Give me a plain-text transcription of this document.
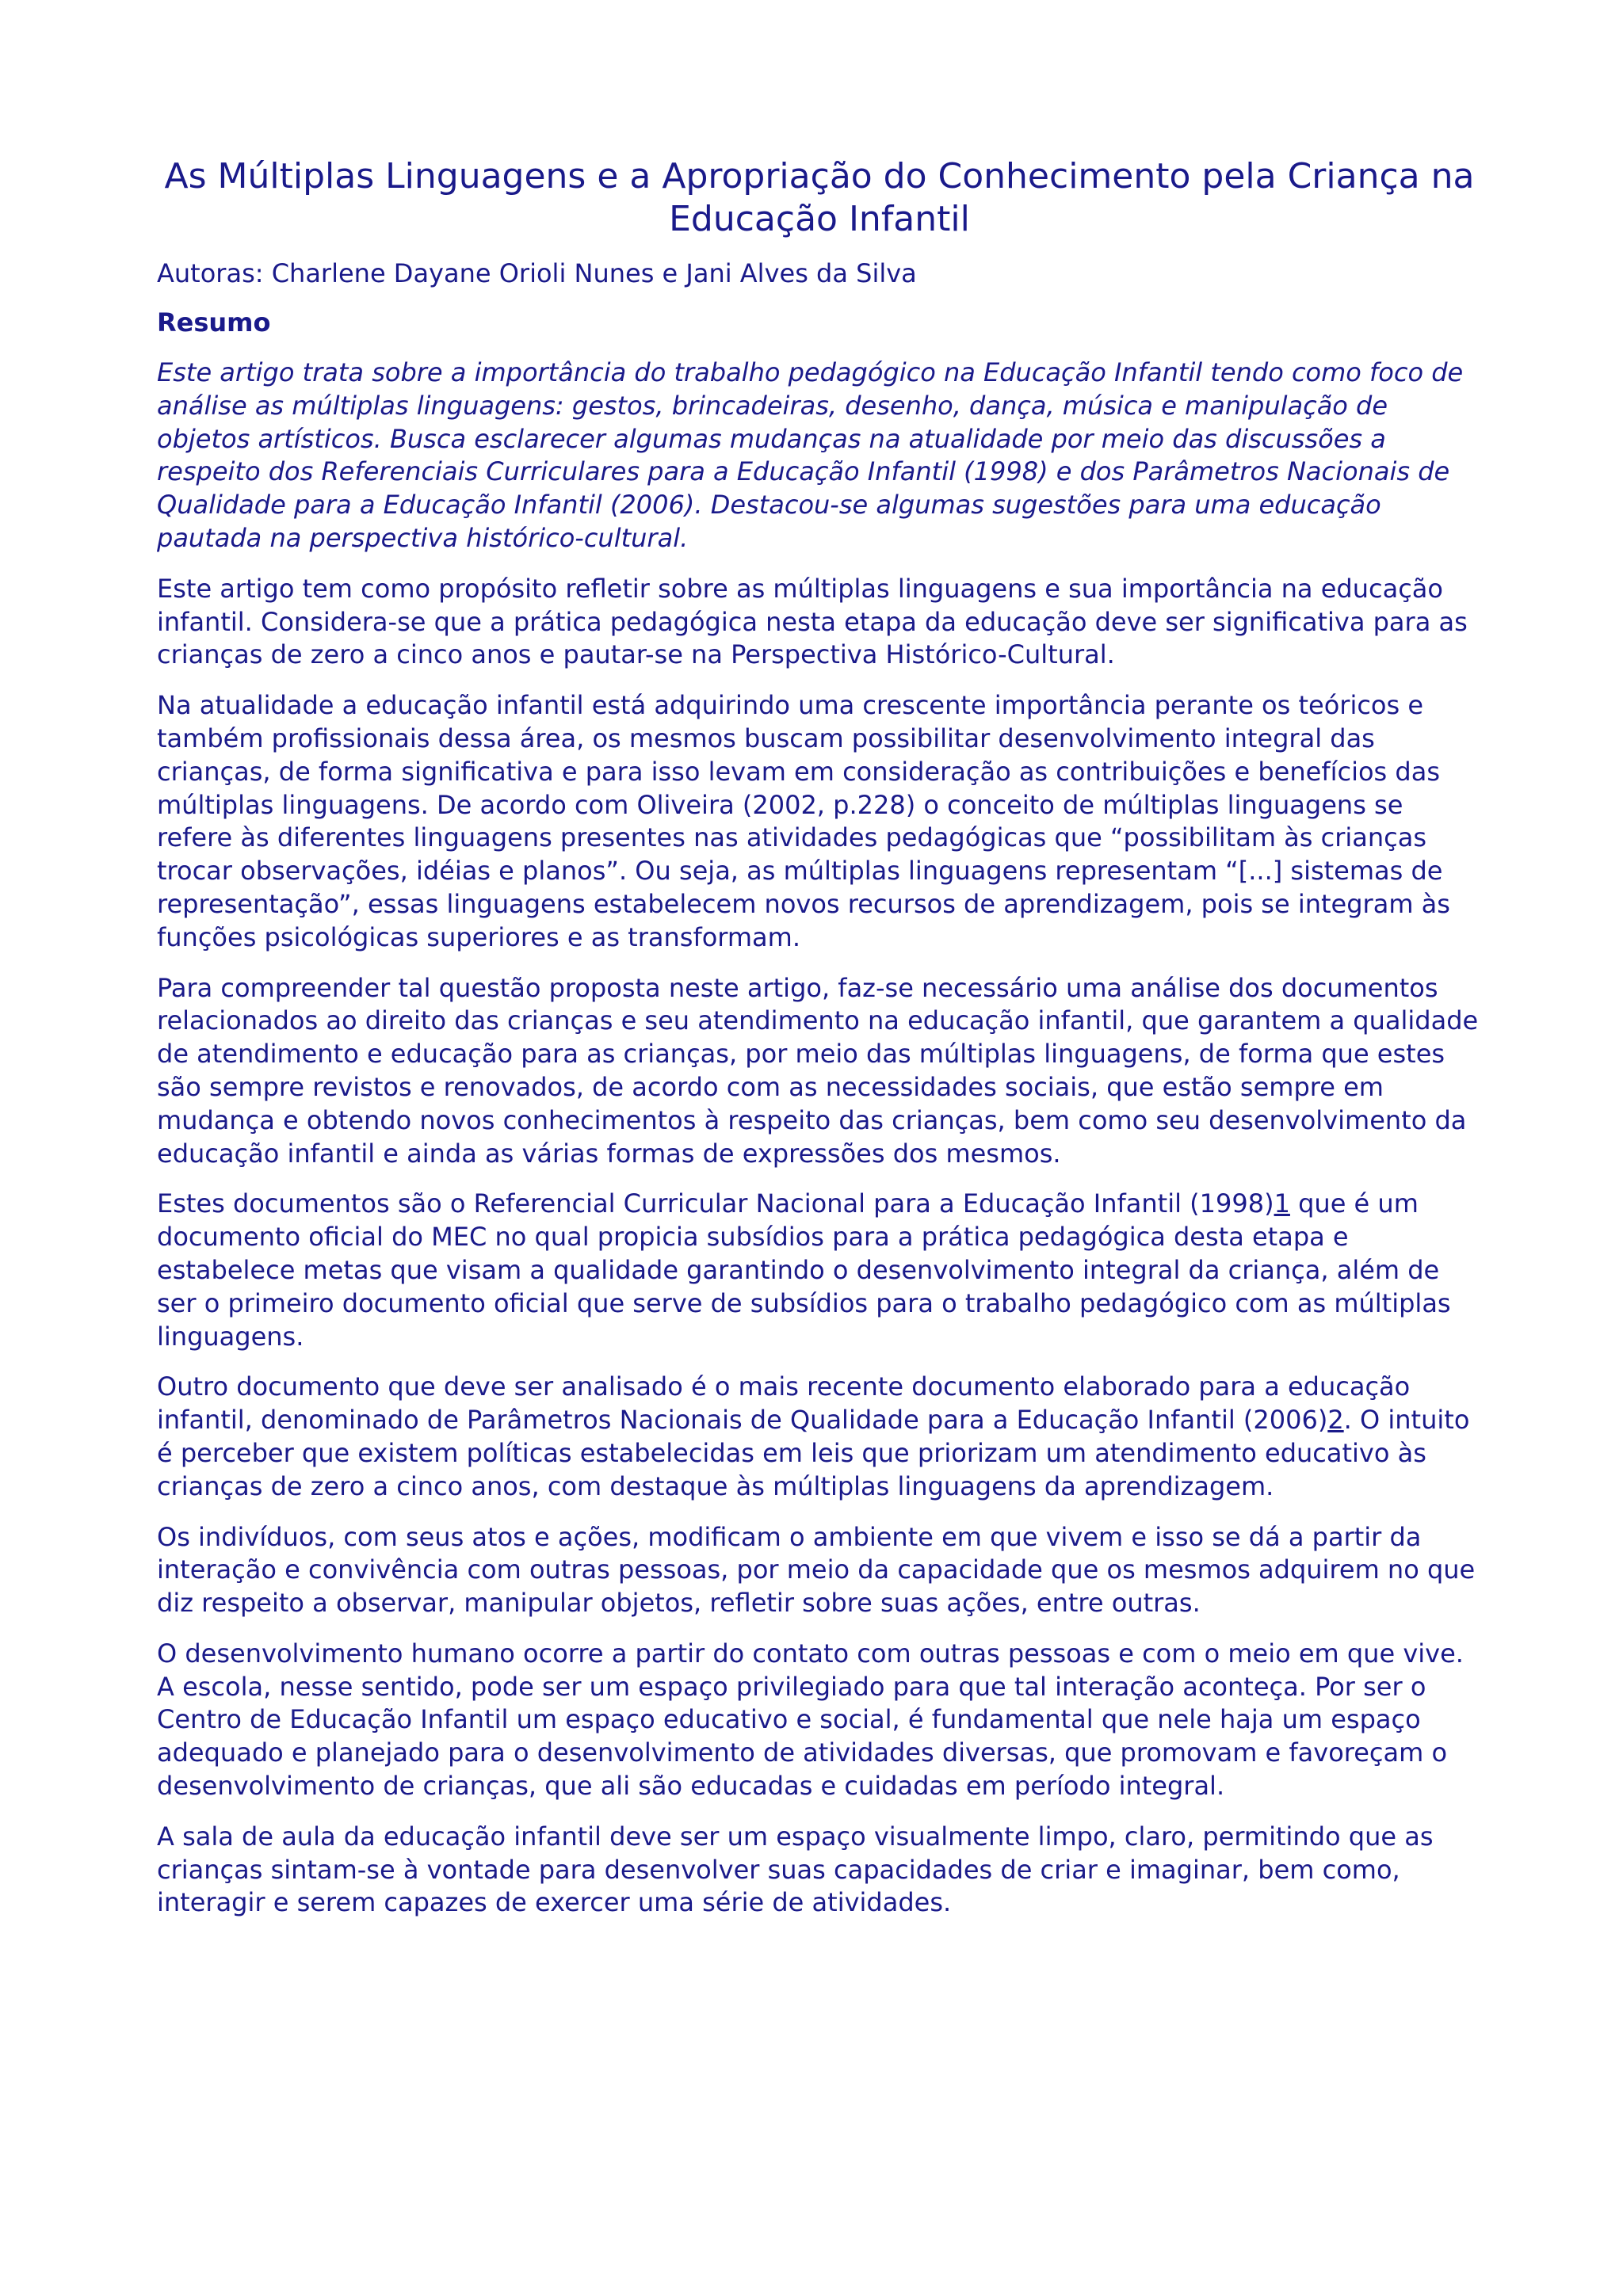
As Múltiplas Linguagens e a Apropriação do Conhecimento pela Criança na Educação Infantil
Autoras: Charlene Dayane Orioli Nunes e Jani Alves da Silva
Resumo

Este artigo trata sobre a importância do trabalho pedagógico na Educação Infantil tendo como foco de análise as múltiplas linguagens: gestos, brincadeiras, desenho, dança, música e manipulação de objetos artísticos. Busca esclarecer algumas mudanças na atualidade por meio das discussões a respeito dos Referenciais Curriculares para a Educação Infantil (1998) e dos Parâmetros Nacionais de Qualidade para a Educação Infantil (2006). Destacou-se algumas sugestões para uma educação pautada na perspectiva histórico-cultural.

Este artigo tem como propósito refletir sobre as múltiplas linguagens e sua importância na educação infantil. Considera-se que a prática pedagógica nesta etapa da educação deve ser significativa para as crianças de zero a cinco anos e pautar-se na Perspectiva Histórico-Cultural.

Na atualidade a educação infantil está adquirindo uma crescente importância perante os teóricos e também profissionais dessa área, os mesmos buscam possibilitar desenvolvimento integral das crianças, de forma significativa e para isso levam em consideração as contribuições e benefícios das múltiplas linguagens. De acordo com Oliveira (2002, p.228) o conceito de múltiplas linguagens se refere às diferentes linguagens presentes nas atividades pedagógicas que “possibilitam às crianças trocar observações, idéias e planos”. Ou seja, as múltiplas linguagens representam “[...] sistemas de representação”, essas linguagens estabelecem novos recursos de aprendizagem, pois se integram às funções psicológicas superiores e as transformam.

Para compreender tal questão proposta neste artigo, faz-se necessário uma análise dos documentos relacionados ao direito das crianças e seu atendimento na educação infantil, que garantem a qualidade de atendimento e educação para as crianças, por meio das múltiplas linguagens, de forma que estes são sempre revistos e renovados, de acordo com as necessidades sociais, que estão sempre em mudança e obtendo novos conhecimentos à respeito das crianças, bem como seu desenvolvimento da educação infantil e ainda as várias formas de expressões dos mesmos.

Estes documentos são o Referencial Curricular Nacional para a Educação Infantil (1998)1 que é um documento oficial do MEC no qual propicia subsídios para a prática pedagógica desta etapa e estabelece metas que visam a qualidade garantindo o desenvolvimento integral da criança, além de ser o primeiro documento oficial que serve de subsídios para o trabalho pedagógico com as múltiplas linguagens.

Outro documento que deve ser analisado é o mais recente documento elaborado para a educação infantil, denominado de Parâmetros Nacionais de Qualidade para a Educação Infantil (2006)2. O intuito é perceber que existem políticas estabelecidas em leis que priorizam um atendimento educativo às crianças de zero a cinco anos, com destaque às múltiplas linguagens da aprendizagem.

Os indivíduos, com seus atos e ações, modificam o ambiente em que vivem e isso se dá a partir da interação e convivência com outras pessoas, por meio da capacidade que os mesmos adquirem no que diz respeito a observar, manipular objetos, refletir sobre suas ações, entre outras.

O desenvolvimento humano ocorre a partir do contato com outras pessoas e com o meio em que vive. A escola, nesse sentido, pode ser um espaço privilegiado para que tal interação aconteça. Por ser o Centro de Educação Infantil um espaço educativo e social, é fundamental que nele haja um espaço adequado e planejado para o desenvolvimento de atividades diversas, que promovam e favoreçam o desenvolvimento de crianças, que ali são educadas e cuidadas em período integral.

A sala de aula da educação infantil deve ser um espaço visualmente limpo, claro, permitindo que as crianças sintam-se à vontade para desenvolver suas capacidades de criar e imaginar, bem como, interagir e serem capazes de exercer uma série de atividades.
